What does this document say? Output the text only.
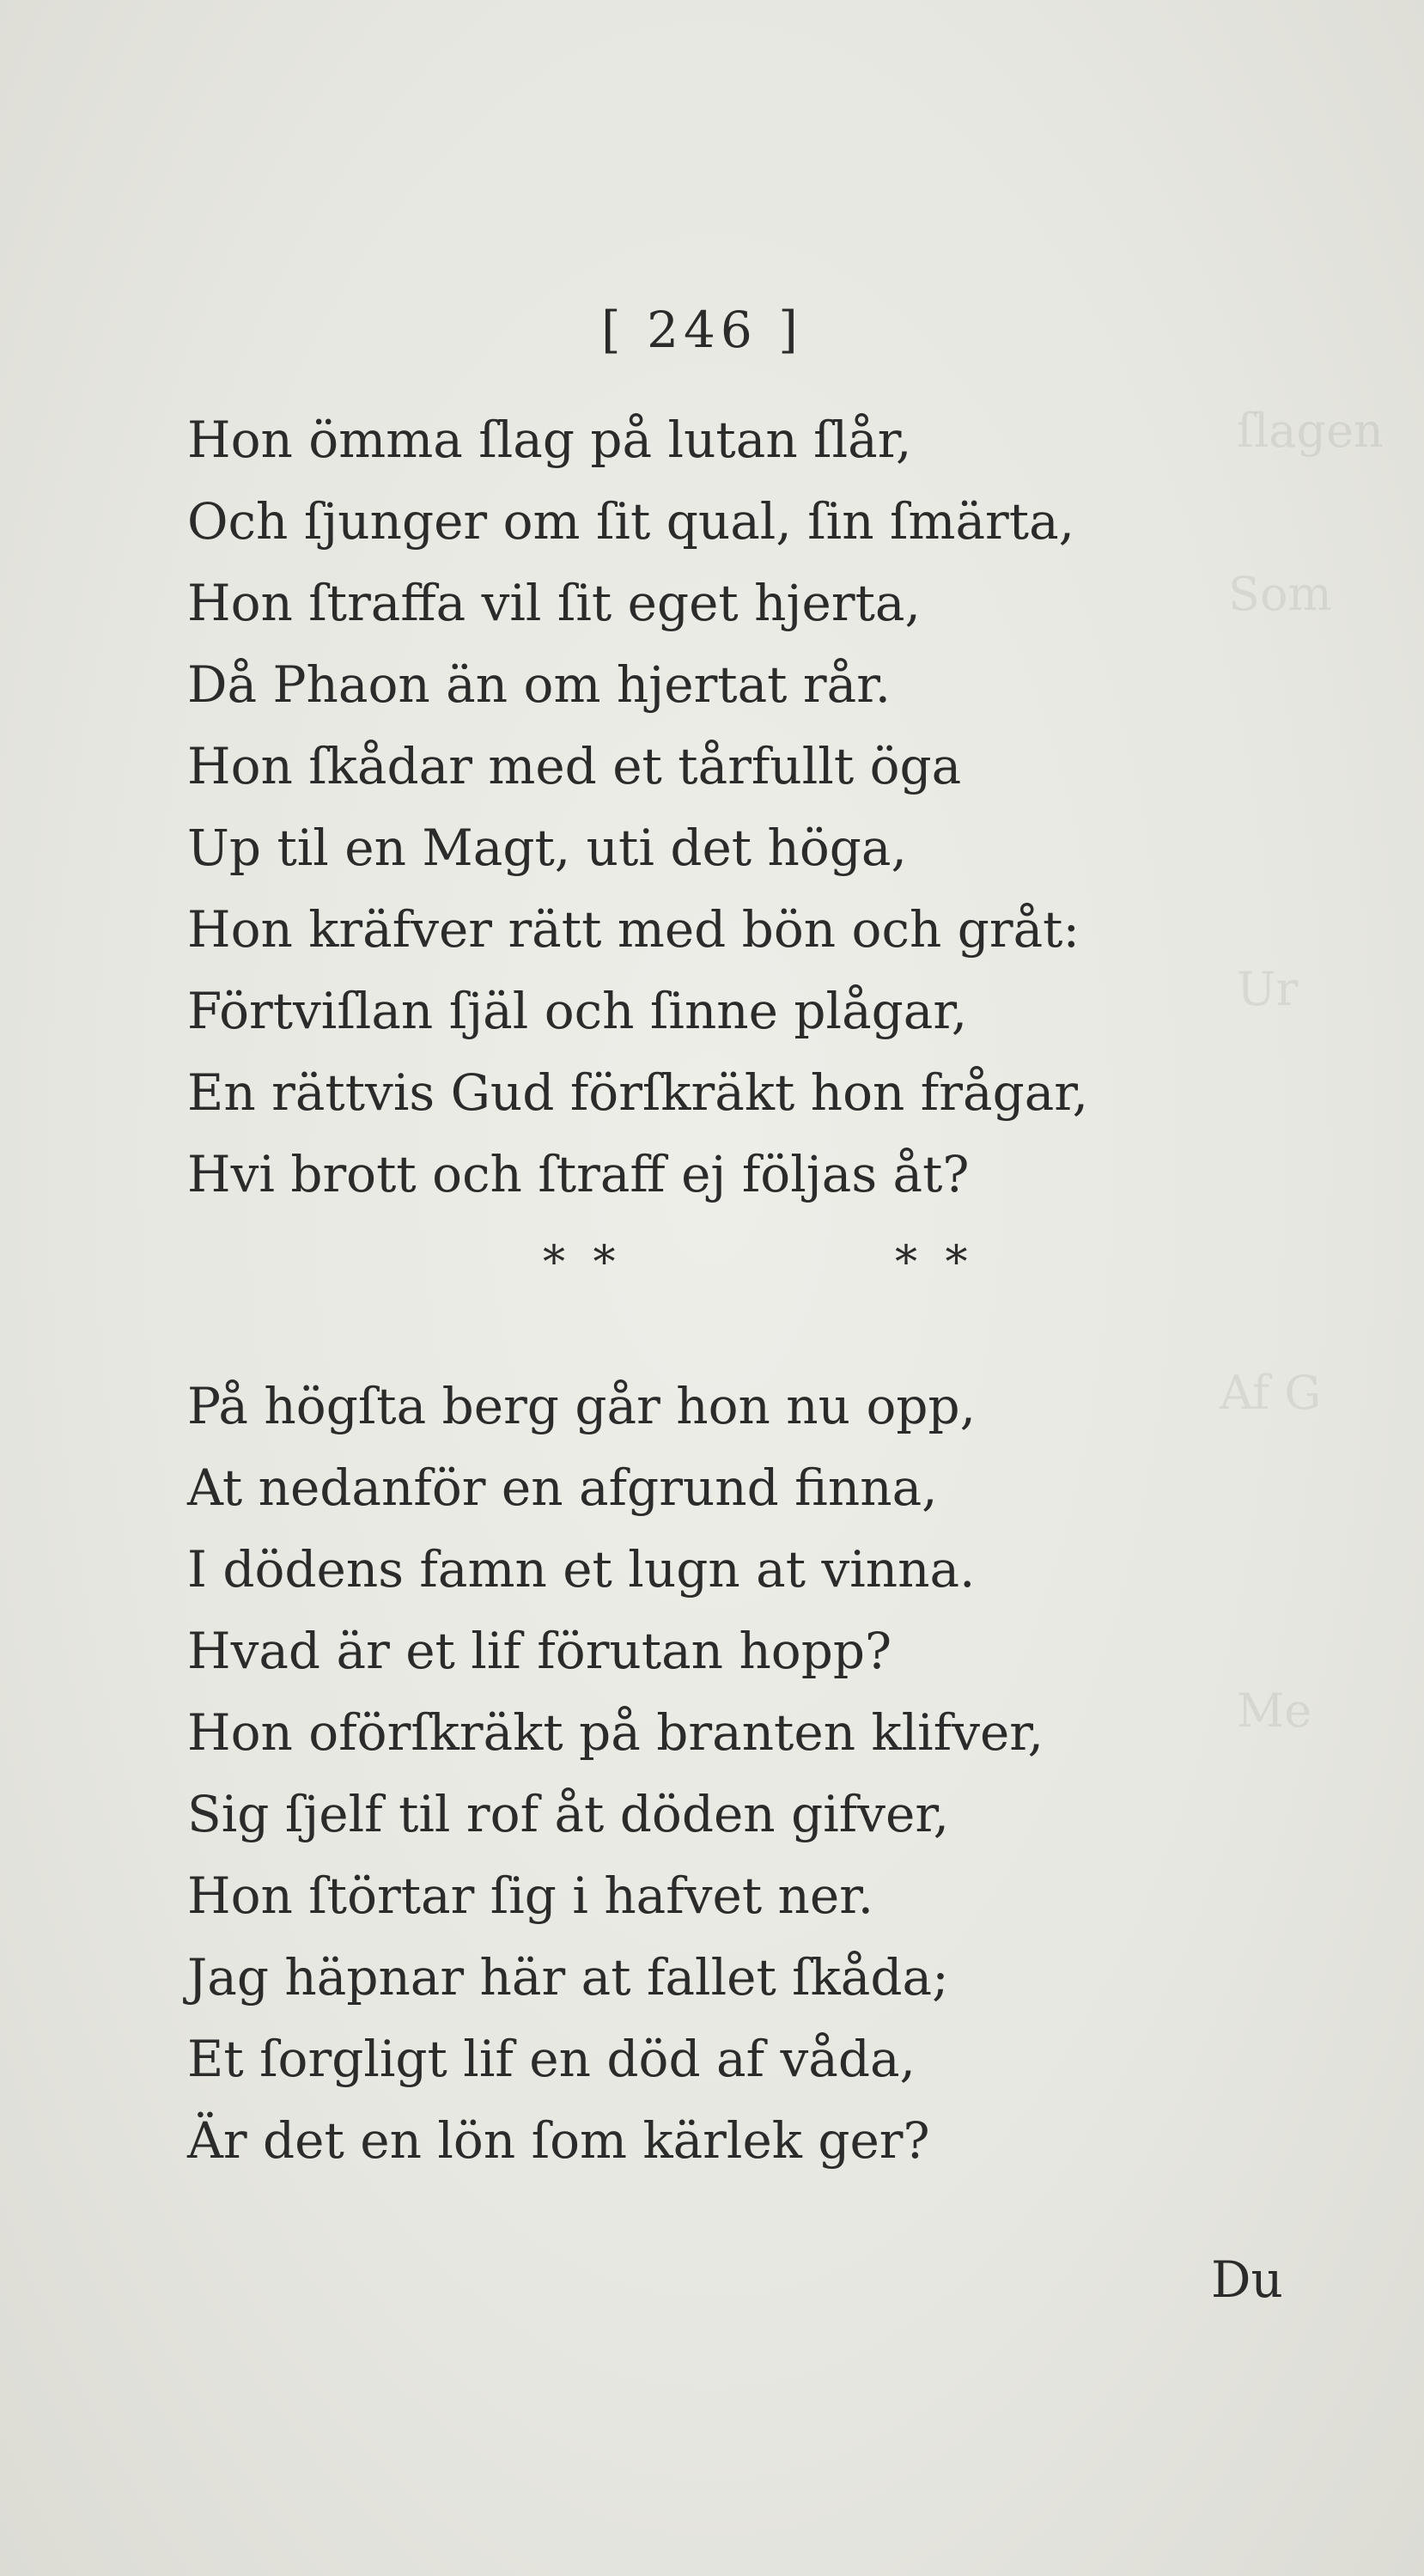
ſlagen
Som
Ur
Af G
Me
[ 246 ]
Hon ömma ſlag på lutan ſlår,
Och ſjunger om ſit qual, ſin ſmärta,
Hon ſtraffa vil ſit eget hjerta,
Då Phaon än om hjertat rår.
Hon ſkådar med et tårfullt öga
Up til en Magt, uti det höga,
Hon kräfver rätt med bön och gråt:
Förtviſlan ſjäl och ſinne plågar,
En rättvis Gud förſkräkt hon frågar,
Hvi brott och ſtraff ej följas åt?
* *	* *
På högſta berg går hon nu opp,
At nedanför en afgrund finna,
I dödens famn et lugn at vinna.
Hvad är et lif förutan hopp?
Hon oförſkräkt på branten klifver,
Sig ſjelf til rof åt döden gifver,
Hon ſtörtar ſig i hafvet ner.
Jag häpnar här at fallet ſkåda;
Et ſorgligt lif en död af våda,
Är det en lön ſom kärlek ger?
Du
